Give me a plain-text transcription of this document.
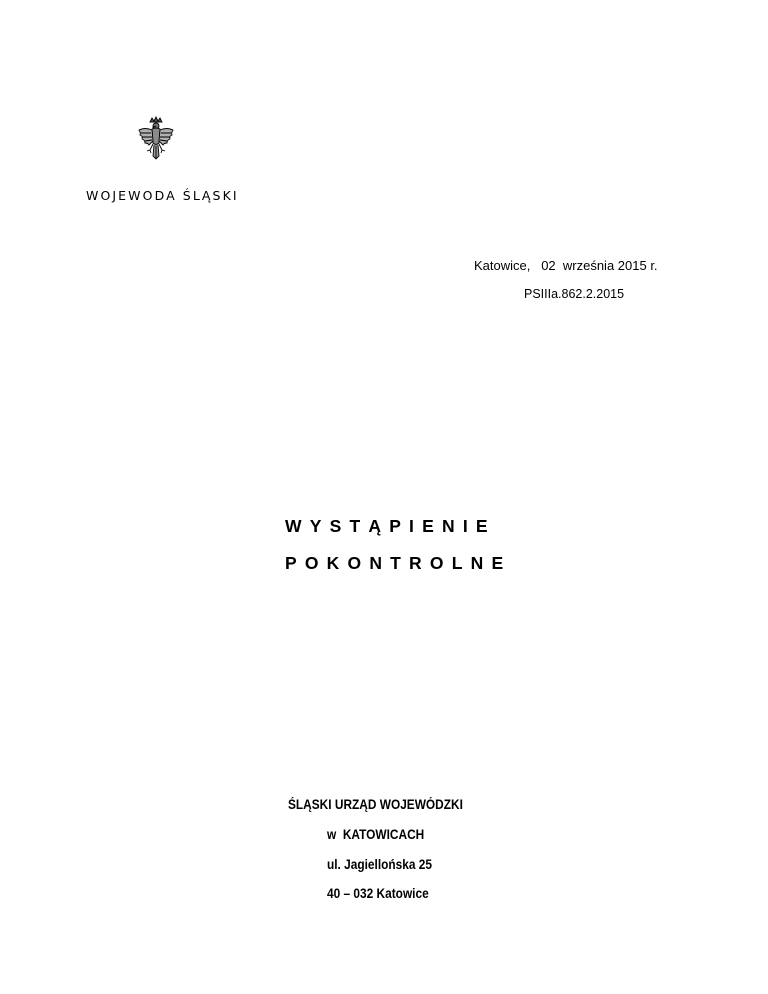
WOJEWODA ŚLĄSKI
Katowice,   02  września 2015 r.
PSIIIa.862.2.2015
WYSTĄPIENIE
POKONTROLNE
ŚLĄSKI URZĄD WOJEWÓDZKI
w  KATOWICACH
ul. Jagiellońska 25
40 – 032 Katowice
